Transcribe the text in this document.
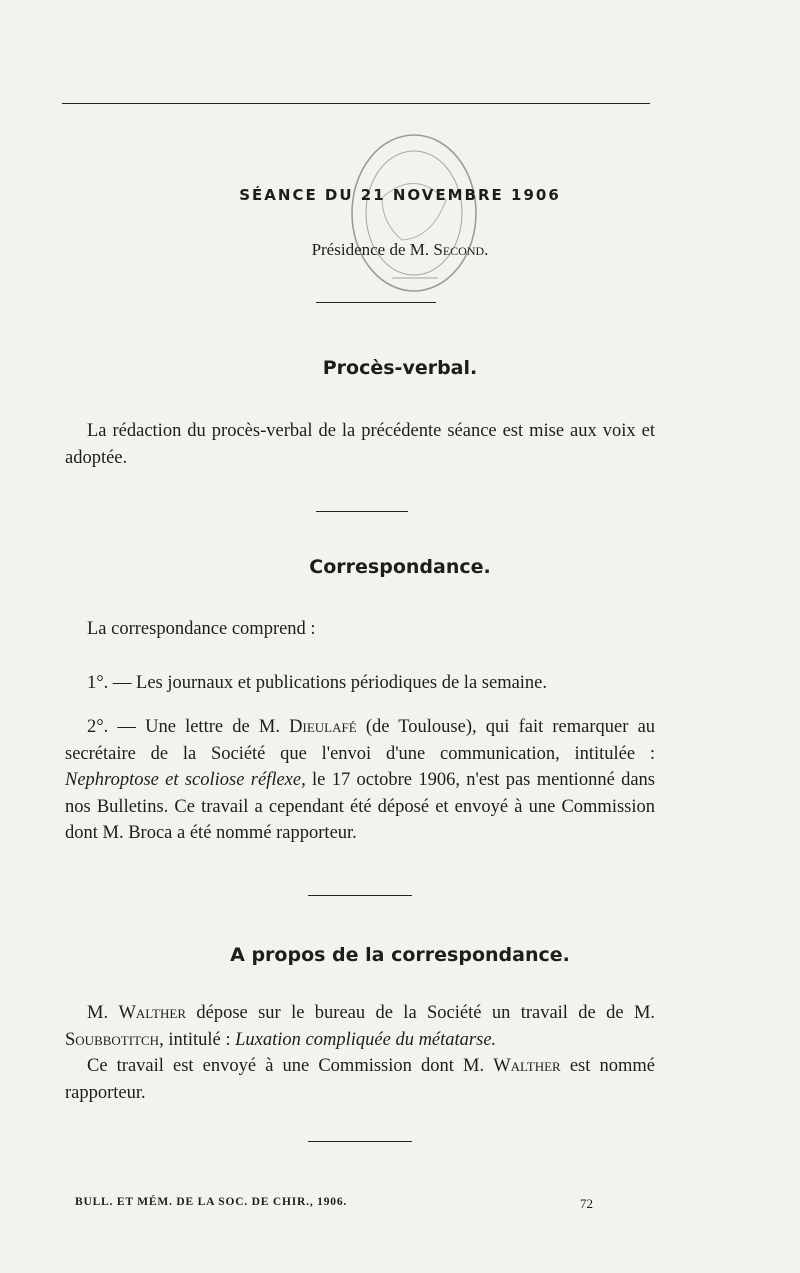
SÉANCE DU 21 NOVEMBRE 1906
Présidence de M. Second.
Procès-verbal.
La rédaction du procès-verbal de la précédente séance est mise aux voix et adoptée.
Correspondance.
La correspondance comprend :
1°. — Les journaux et publications périodiques de la semaine.
2°. — Une lettre de M. Dieulafé (de Toulouse), qui fait remarquer au secrétaire de la Société que l'envoi d'une communication, intitulée : Nephroptose et scoliose réflexe, le 17 octobre 1906, n'est pas mentionné dans nos Bulletins. Ce travail a cependant été déposé et envoyé à une Commission dont M. Broca a été nommé rapporteur.
A propos de la correspondance.
M. Walther dépose sur le bureau de la Société un travail de de M. Soubbotitch, intitulé : Luxation compliquée du métatarse.
Ce travail est envoyé à une Commission dont M. Walther est nommé rapporteur.
BULL. ET MÉM. DE LA SOC. DE CHIR., 1906.	72
